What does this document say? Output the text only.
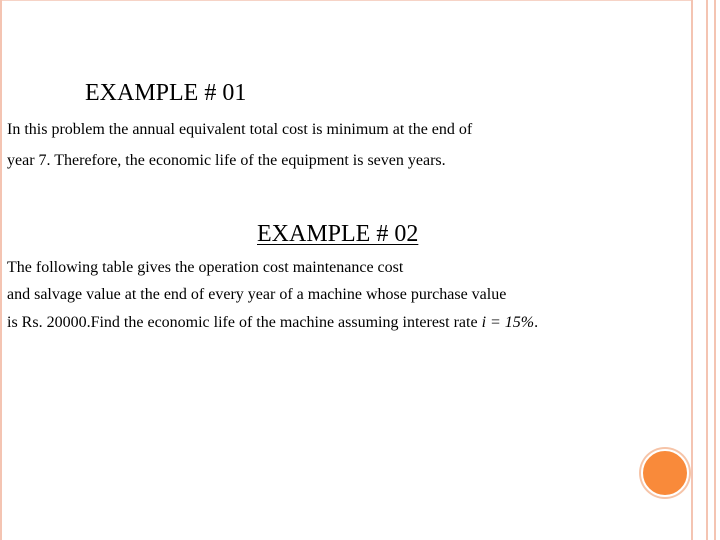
EXAMPLE # 01
In this problem the annual equivalent total cost is minimum at the end of
year 7. Therefore, the economic life of the equipment is seven years.
EXAMPLE # 02
The following table gives the operation cost maintenance cost
and salvage value at the end of every year of a machine whose purchase value
is Rs. 20000.Find the economic life of the machine assuming interest rate i = 15%.
